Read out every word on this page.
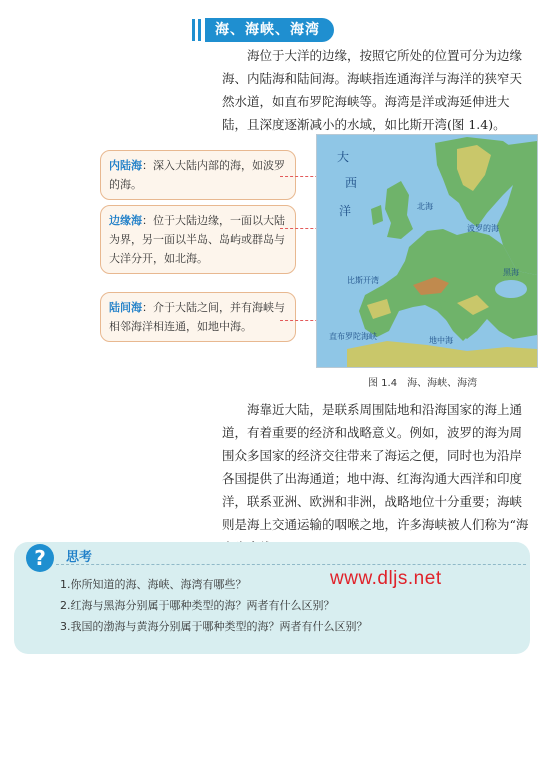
海、海峡、海湾

海位于大洋的边缘，按照它所处的位置可分为边缘海、内陆海和陆间海。海峡指连通海洋与海洋的狭窄天然水道，如直布罗陀海峡等。海湾是洋或海延伸进大陆，且深度逐渐减小的水域，如比斯开湾(图 1.4)。

内陆海：深入大陆内部的海，如波罗的海。
边缘海：位于大陆边缘，一面以大陆为界，另一面以半岛、岛屿或群岛与大洋分开，如北海。
陆间海：介于大陆之间，并有海峡与相邻海洋相连通，如地中海。
大
西
洋	北海
波罗的海
比斯开湾
黑海
地中海
直布罗陀海峡
图 1.4　海、海峡、海湾

海靠近大陆，是联系周围陆地和沿海国家的海上通道，有着重要的经济和战略意义。例如，波罗的海为周围众多国家的经济交往带来了海运之便，同时也为沿岸各国提供了出海通道；地中海、红海沟通大西洋和印度洋，联系亚洲、欧洲和非洲，战略地位十分重要；海峡则是海上交通运输的咽喉之地，许多海峡被人们称为“海

?	思考
1.你所知道的海、海峡、海湾有哪些？
2.红海与黑海分别属于哪种类型的海？两者有什么区别？
3.我国的渤海与黄海分别属于哪种类型的海？两者有什么区别？
www.dljs.net
